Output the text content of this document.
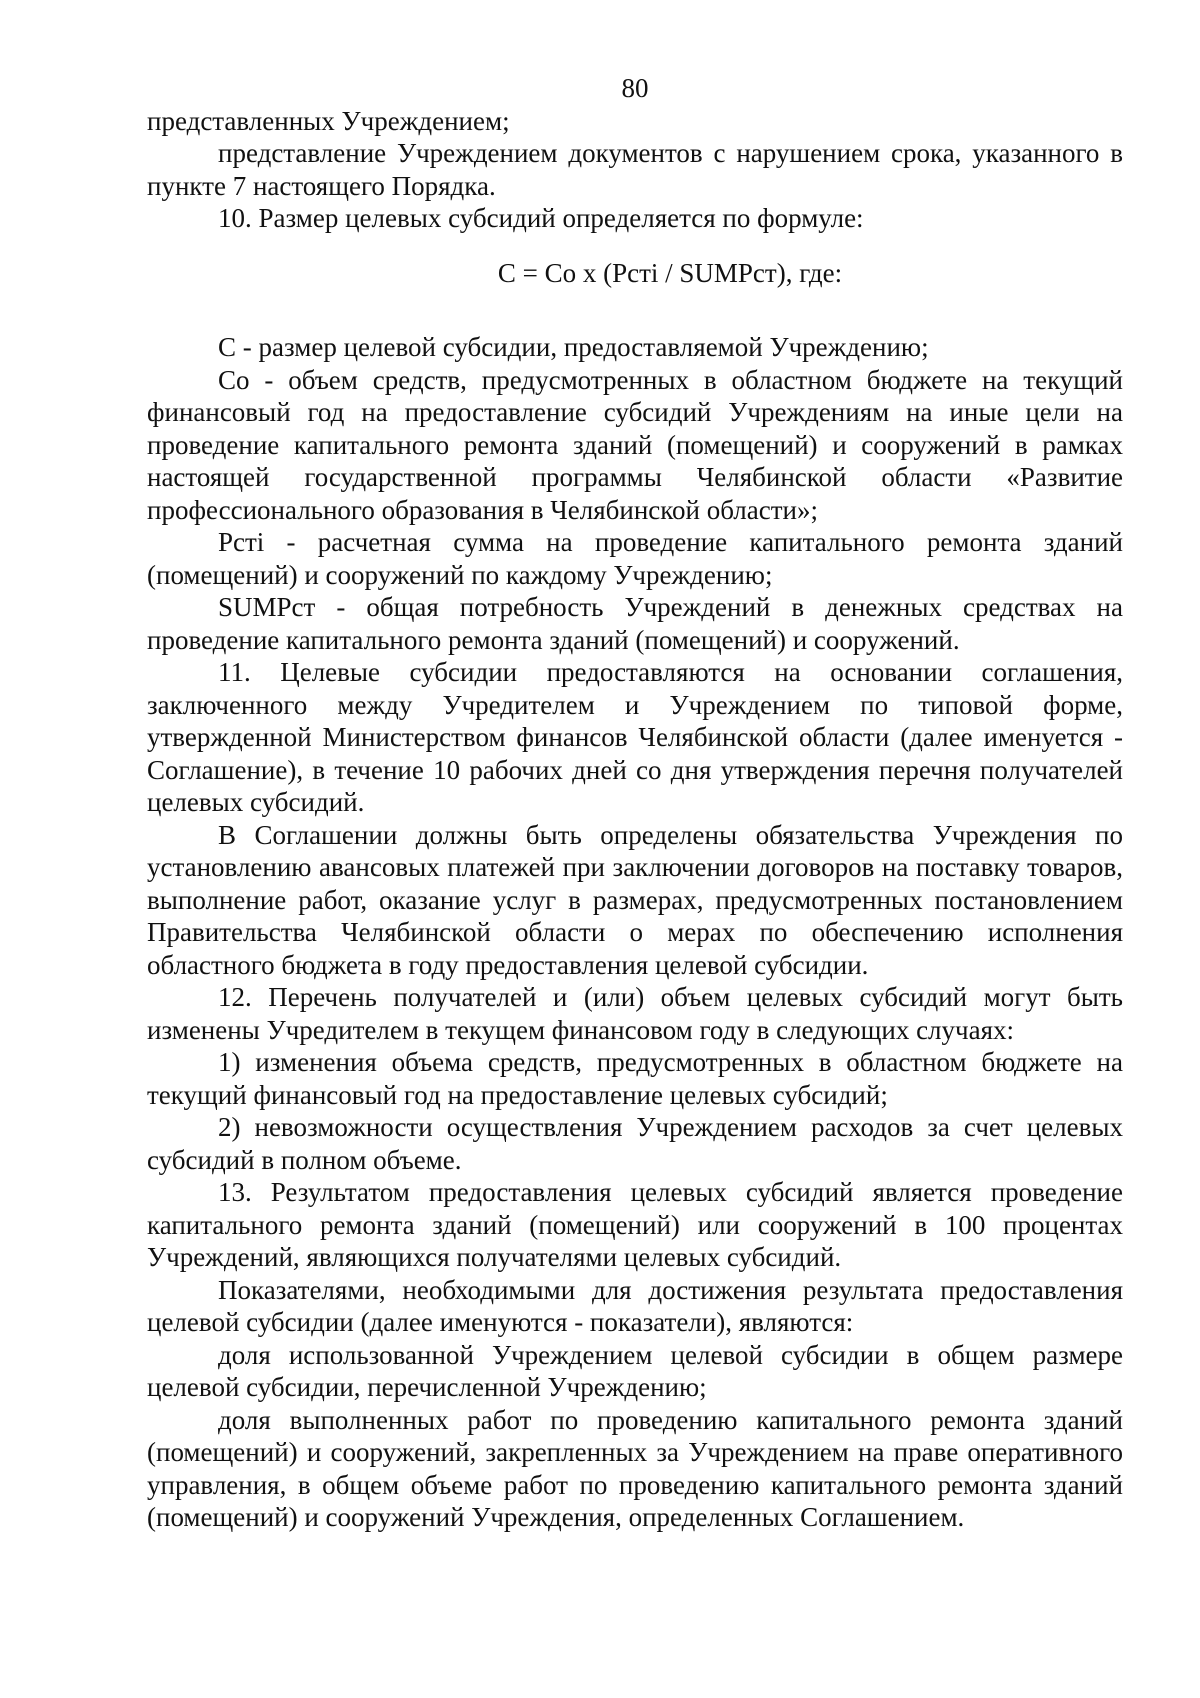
80

представленных Учреждением;

представление Учреждением документов с нарушением срока, указанного в пункте 7 настоящего Порядка.

10. Размер целевых субсидий определяется по формуле:

С = Со х (Рcтi / SUMPcт), где:

С - размер целевой субсидии, предоставляемой Учреждению;

Со - объем средств, предусмотренных в областном бюджете на текущий финансовый год на предоставление субсидий Учреждениям на иные цели на проведение капитального ремонта зданий (помещений) и сооружений в рамках настоящей государственной программы Челябинской области «Развитие профессионального образования в Челябинской области»;

Рcтi - расчетная сумма на проведение капитального ремонта зданий (помещений) и сооружений по каждому Учреждению;

SUMPcт - общая потребность Учреждений в денежных средствах на проведение капитального ремонта зданий (помещений) и сооружений.

11. Целевые субсидии предоставляются на основании соглашения, заключенного между Учредителем и Учреждением по типовой форме, утвержденной Министерством финансов Челябинской области (далее именуется - Соглашение), в течение 10 рабочих дней со дня утверждения перечня получателей целевых субсидий.

В Соглашении должны быть определены обязательства Учреждения по установлению авансовых платежей при заключении договоров на поставку товаров, выполнение работ, оказание услуг в размерах, предусмотренных постановлением Правительства Челябинской области о мерах по обеспечению исполнения областного бюджета в году предоставления целевой субсидии.

12. Перечень получателей и (или) объем целевых субсидий могут быть изменены Учредителем в текущем финансовом году в следующих случаях:

1) изменения объема средств, предусмотренных в областном бюджете на текущий финансовый год на предоставление целевых субсидий;

2) невозможности осуществления Учреждением расходов за счет целевых субсидий в полном объеме.

13. Результатом предоставления целевых субсидий является проведение капитального ремонта зданий (помещений) или сооружений в 100 процентах Учреждений, являющихся получателями целевых субсидий.

Показателями, необходимыми для достижения результата предоставления целевой субсидии (далее именуются - показатели), являются:

доля использованной Учреждением целевой субсидии в общем размере целевой субсидии, перечисленной Учреждению;

доля выполненных работ по проведению капитального ремонта зданий (помещений) и сооружений, закрепленных за Учреждением на праве оперативного управления, в общем объеме работ по проведению капитального ремонта зданий (помещений) и сооружений Учреждения, определенных Соглашением.
